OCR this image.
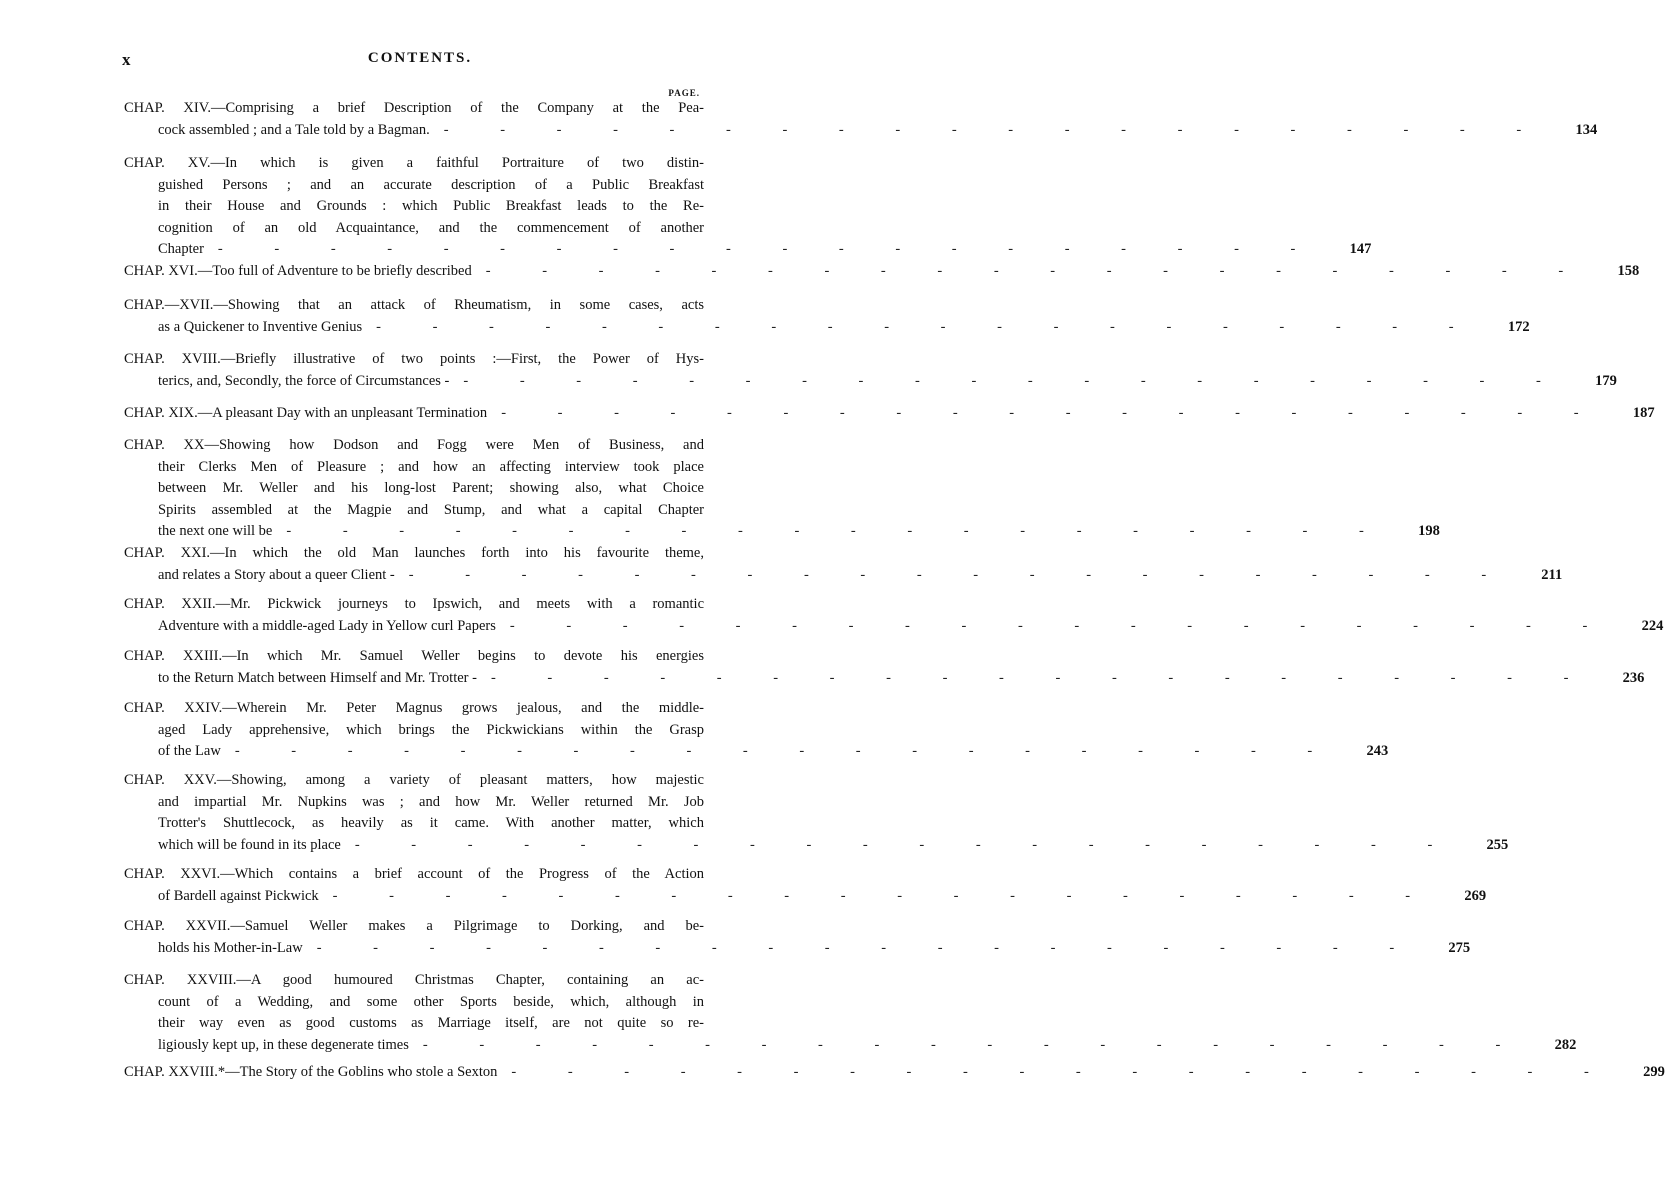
x	CONTENTS.
PAGE.
CHAP. XIV.—Comprising a brief Description of the Company at the Pea-
cock assembled ; and a Tale told by a Bagman. - - - - - - - - - - - - - - - - - - - -	134
CHAP. XV.—In which is given a faithful Portraiture of two distin-
guished Persons ; and an accurate description of a Public Breakfast
in their House and Grounds : which Public Breakfast leads to the Re-
cognition of an old Acquaintance, and the commencement of another
Chapter - - - - - - - - - - - - - - - - - - - -	147
CHAP. XVI.—Too full of Adventure to be briefly described - - - - - - - - - - - - - - - - - - - -	158
CHAP.—XVII.—Showing that an attack of Rheumatism, in some cases, acts
as a Quickener to Inventive Genius - - - - - - - - - - - - - - - - - - - -	172
CHAP. XVIII.—Briefly illustrative of two points :—First, the Power of Hys-
terics, and, Secondly, the force of Circumstances - - - - - - - - - - - - - - - - - - - - -	179
CHAP. XIX.—A pleasant Day with an unpleasant Termination - - - - - - - - - - - - - - - - - - - -	187
CHAP. XX—Showing how Dodson and Fogg were Men of Business, and
their Clerks Men of Pleasure ; and how an affecting interview took place
between Mr. Weller and his long-lost Parent; showing also, what Choice
Spirits assembled at the Magpie and Stump, and what a capital Chapter
the next one will be - - - - - - - - - - - - - - - - - - - -	198
CHAP. XXI.—In which the old Man launches forth into his favourite theme,
and relates a Story about a queer Client - - - - - - - - - - - - - - - - - - - - -	211
CHAP. XXII.—Mr. Pickwick journeys to Ipswich, and meets with a romantic
Adventure with a middle-aged Lady in Yellow curl Papers - - - - - - - - - - - - - - - - - - - -	224
CHAP. XXIII.—In which Mr. Samuel Weller begins to devote his energies
to the Return Match between Himself and Mr. Trotter - - - - - - - - - - - - - - - - - - - - -	236
CHAP. XXIV.—Wherein Mr. Peter Magnus grows jealous, and the middle-
aged Lady apprehensive, which brings the Pickwickians within the Grasp
of the Law - - - - - - - - - - - - - - - - - - - -	243
CHAP. XXV.—Showing, among a variety of pleasant matters, how majestic
and impartial Mr. Nupkins was ; and how Mr. Weller returned Mr. Job
Trotter's Shuttlecock, as heavily as it came. With another matter, which
which will be found in its place - - - - - - - - - - - - - - - - - - - -	255
CHAP. XXVI.—Which contains a brief account of the Progress of the Action
of Bardell against Pickwick - - - - - - - - - - - - - - - - - - - -	269
CHAP. XXVII.—Samuel Weller makes a Pilgrimage to Dorking, and be-
holds his Mother-in-Law - - - - - - - - - - - - - - - - - - - -	275
CHAP. XXVIII.—A good humoured Christmas Chapter, containing an ac-
count of a Wedding, and some other Sports beside, which, although in
their way even as good customs as Marriage itself, are not quite so re-
ligiously kept up, in these degenerate times - - - - - - - - - - - - - - - - - - - -	282
CHAP. XXVIII.*—The Story of the Goblins who stole a Sexton - - - - - - - - - - - - - - - - - - - -	299
